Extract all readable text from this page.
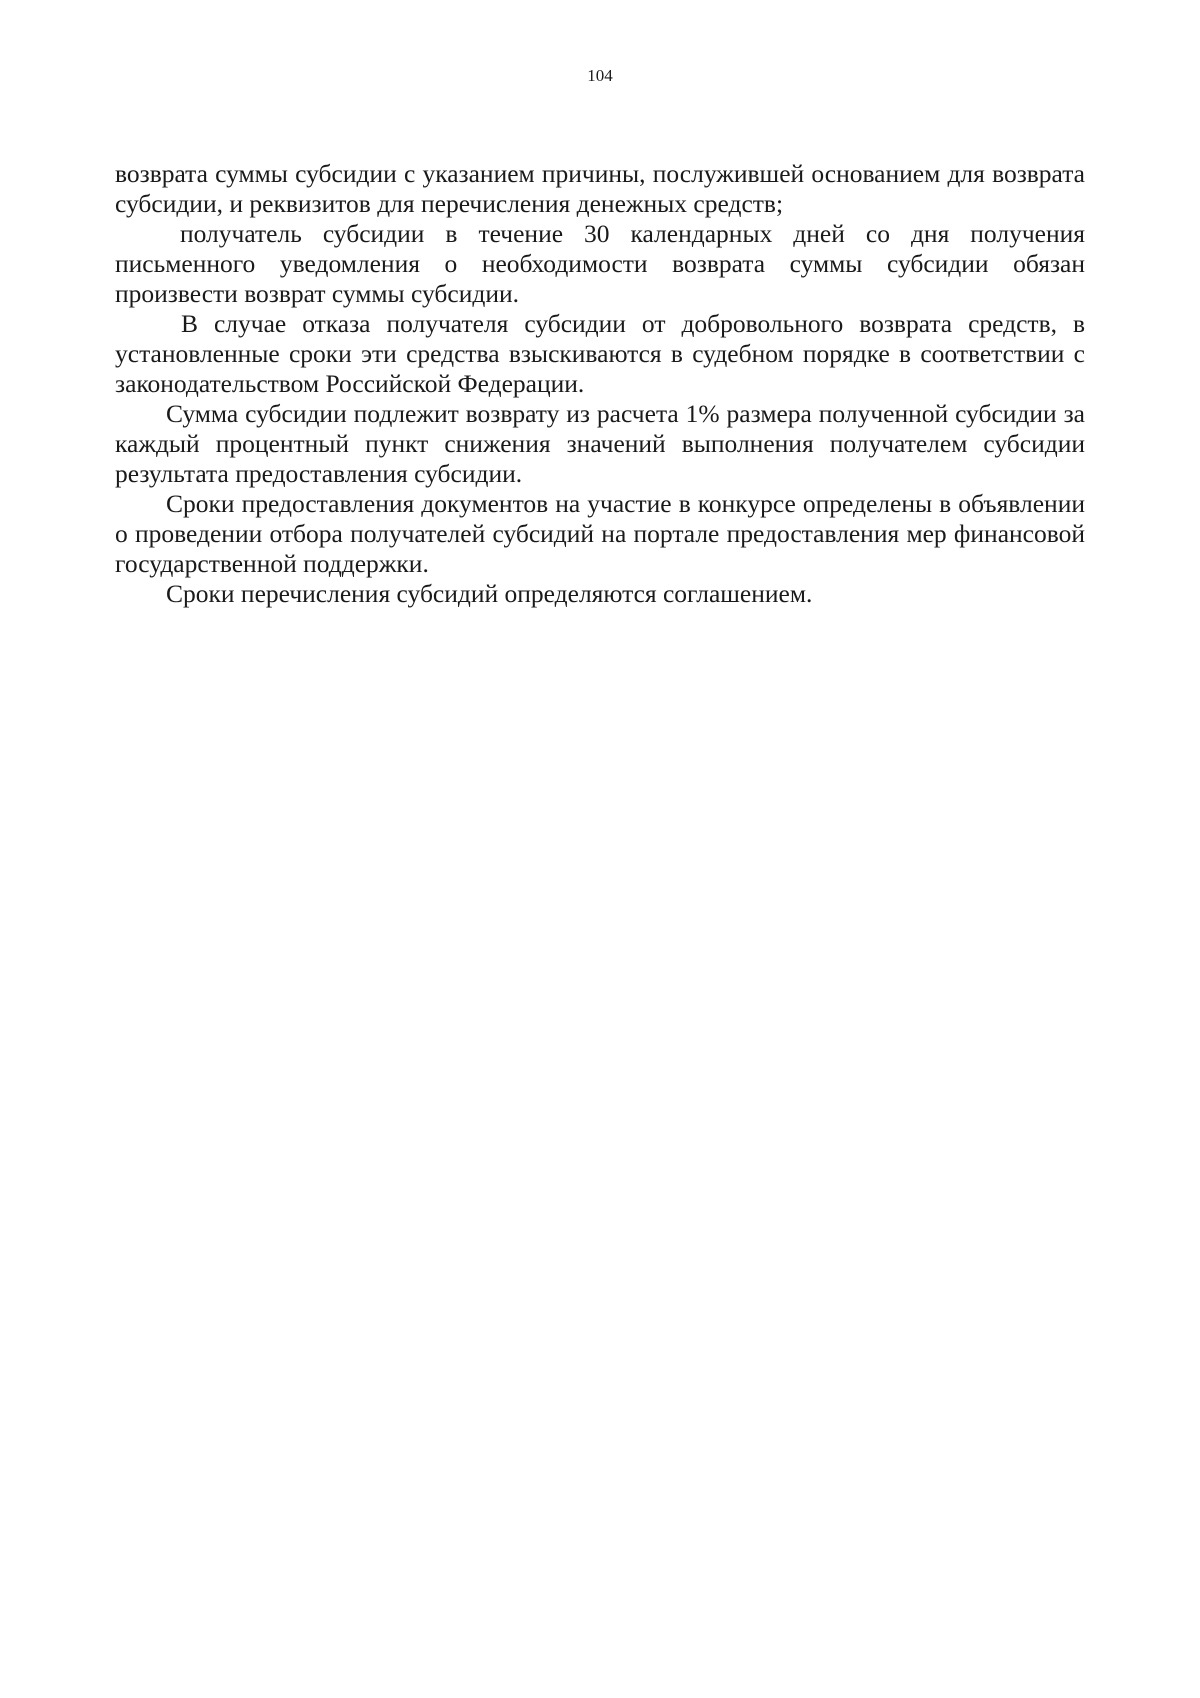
104

возврата суммы субсидии с указанием причины, послужившей основанием для возврата субсидии, и реквизитов для перечисления денежных средств;

получатель субсидии в течение 30 календарных дней со дня получения письменного уведомления о необходимости возврата суммы субсидии обязан произвести возврат суммы субсидии.

В случае отказа получателя субсидии от добровольного возврата средств, в установленные сроки эти средства взыскиваются в судебном порядке в соответствии с законодательством Российской Федерации.

Сумма субсидии подлежит возврату из расчета 1% размера полученной субсидии за каждый процентный пункт снижения значений выполнения получателем субсидии результата предоставления субсидии.

Сроки предоставления документов на участие в конкурсе определены в объявлении о проведении отбора получателей субсидий на портале предоставления мер финансовой государственной поддержки.

Сроки перечисления субсидий определяются соглашением.
